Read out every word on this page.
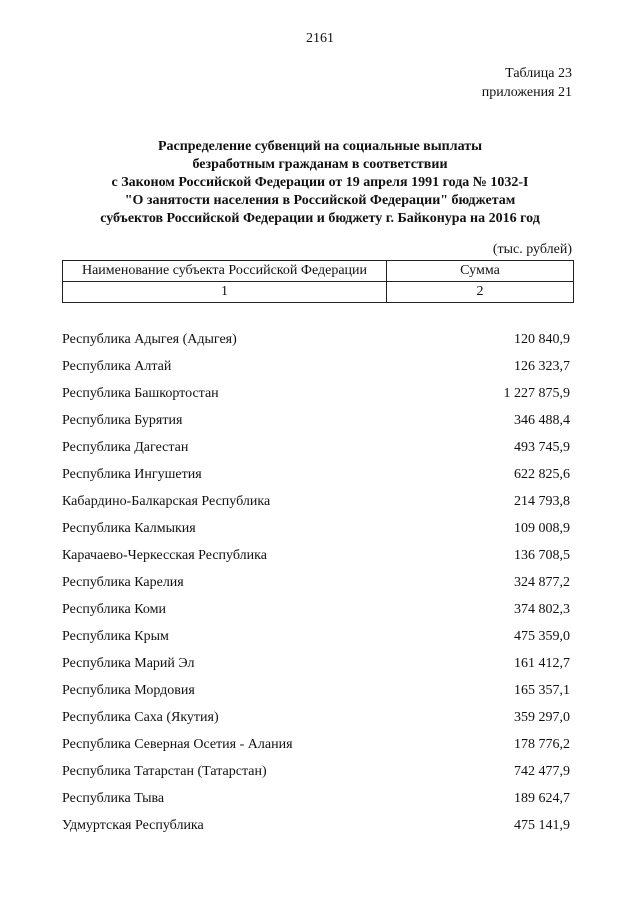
2161
Таблица 23
приложения 21
Распределение субвенций на социальные выплаты
безработным гражданам в соответствии
с Законом Российской Федерации от 19 апреля 1991 года № 1032-I
"О занятости населения в Российской Федерации" бюджетам
субъектов Российской Федерации и бюджету г. Байконура на 2016 год
(тыс. рублей)
Наименование субъекта Российской Федерации	Сумма
1	2
Республика Адыгея (Адыгея)	120 840,9
Республика Алтай	126 323,7
Республика Башкортостан	1 227 875,9
Республика Бурятия	346 488,4
Республика Дагестан	493 745,9
Республика Ингушетия	622 825,6
Кабардино-Балкарская Республика	214 793,8
Республика Калмыкия	109 008,9
Карачаево-Черкесская Республика	136 708,5
Республика Карелия	324 877,2
Республика Коми	374 802,3
Республика Крым	475 359,0
Республика Марий Эл	161 412,7
Республика Мордовия	165 357,1
Республика Саха (Якутия)	359 297,0
Республика Северная Осетия - Алания	178 776,2
Республика Татарстан (Татарстан)	742 477,9
Республика Тыва	189 624,7
Удмуртская Республика	475 141,9
